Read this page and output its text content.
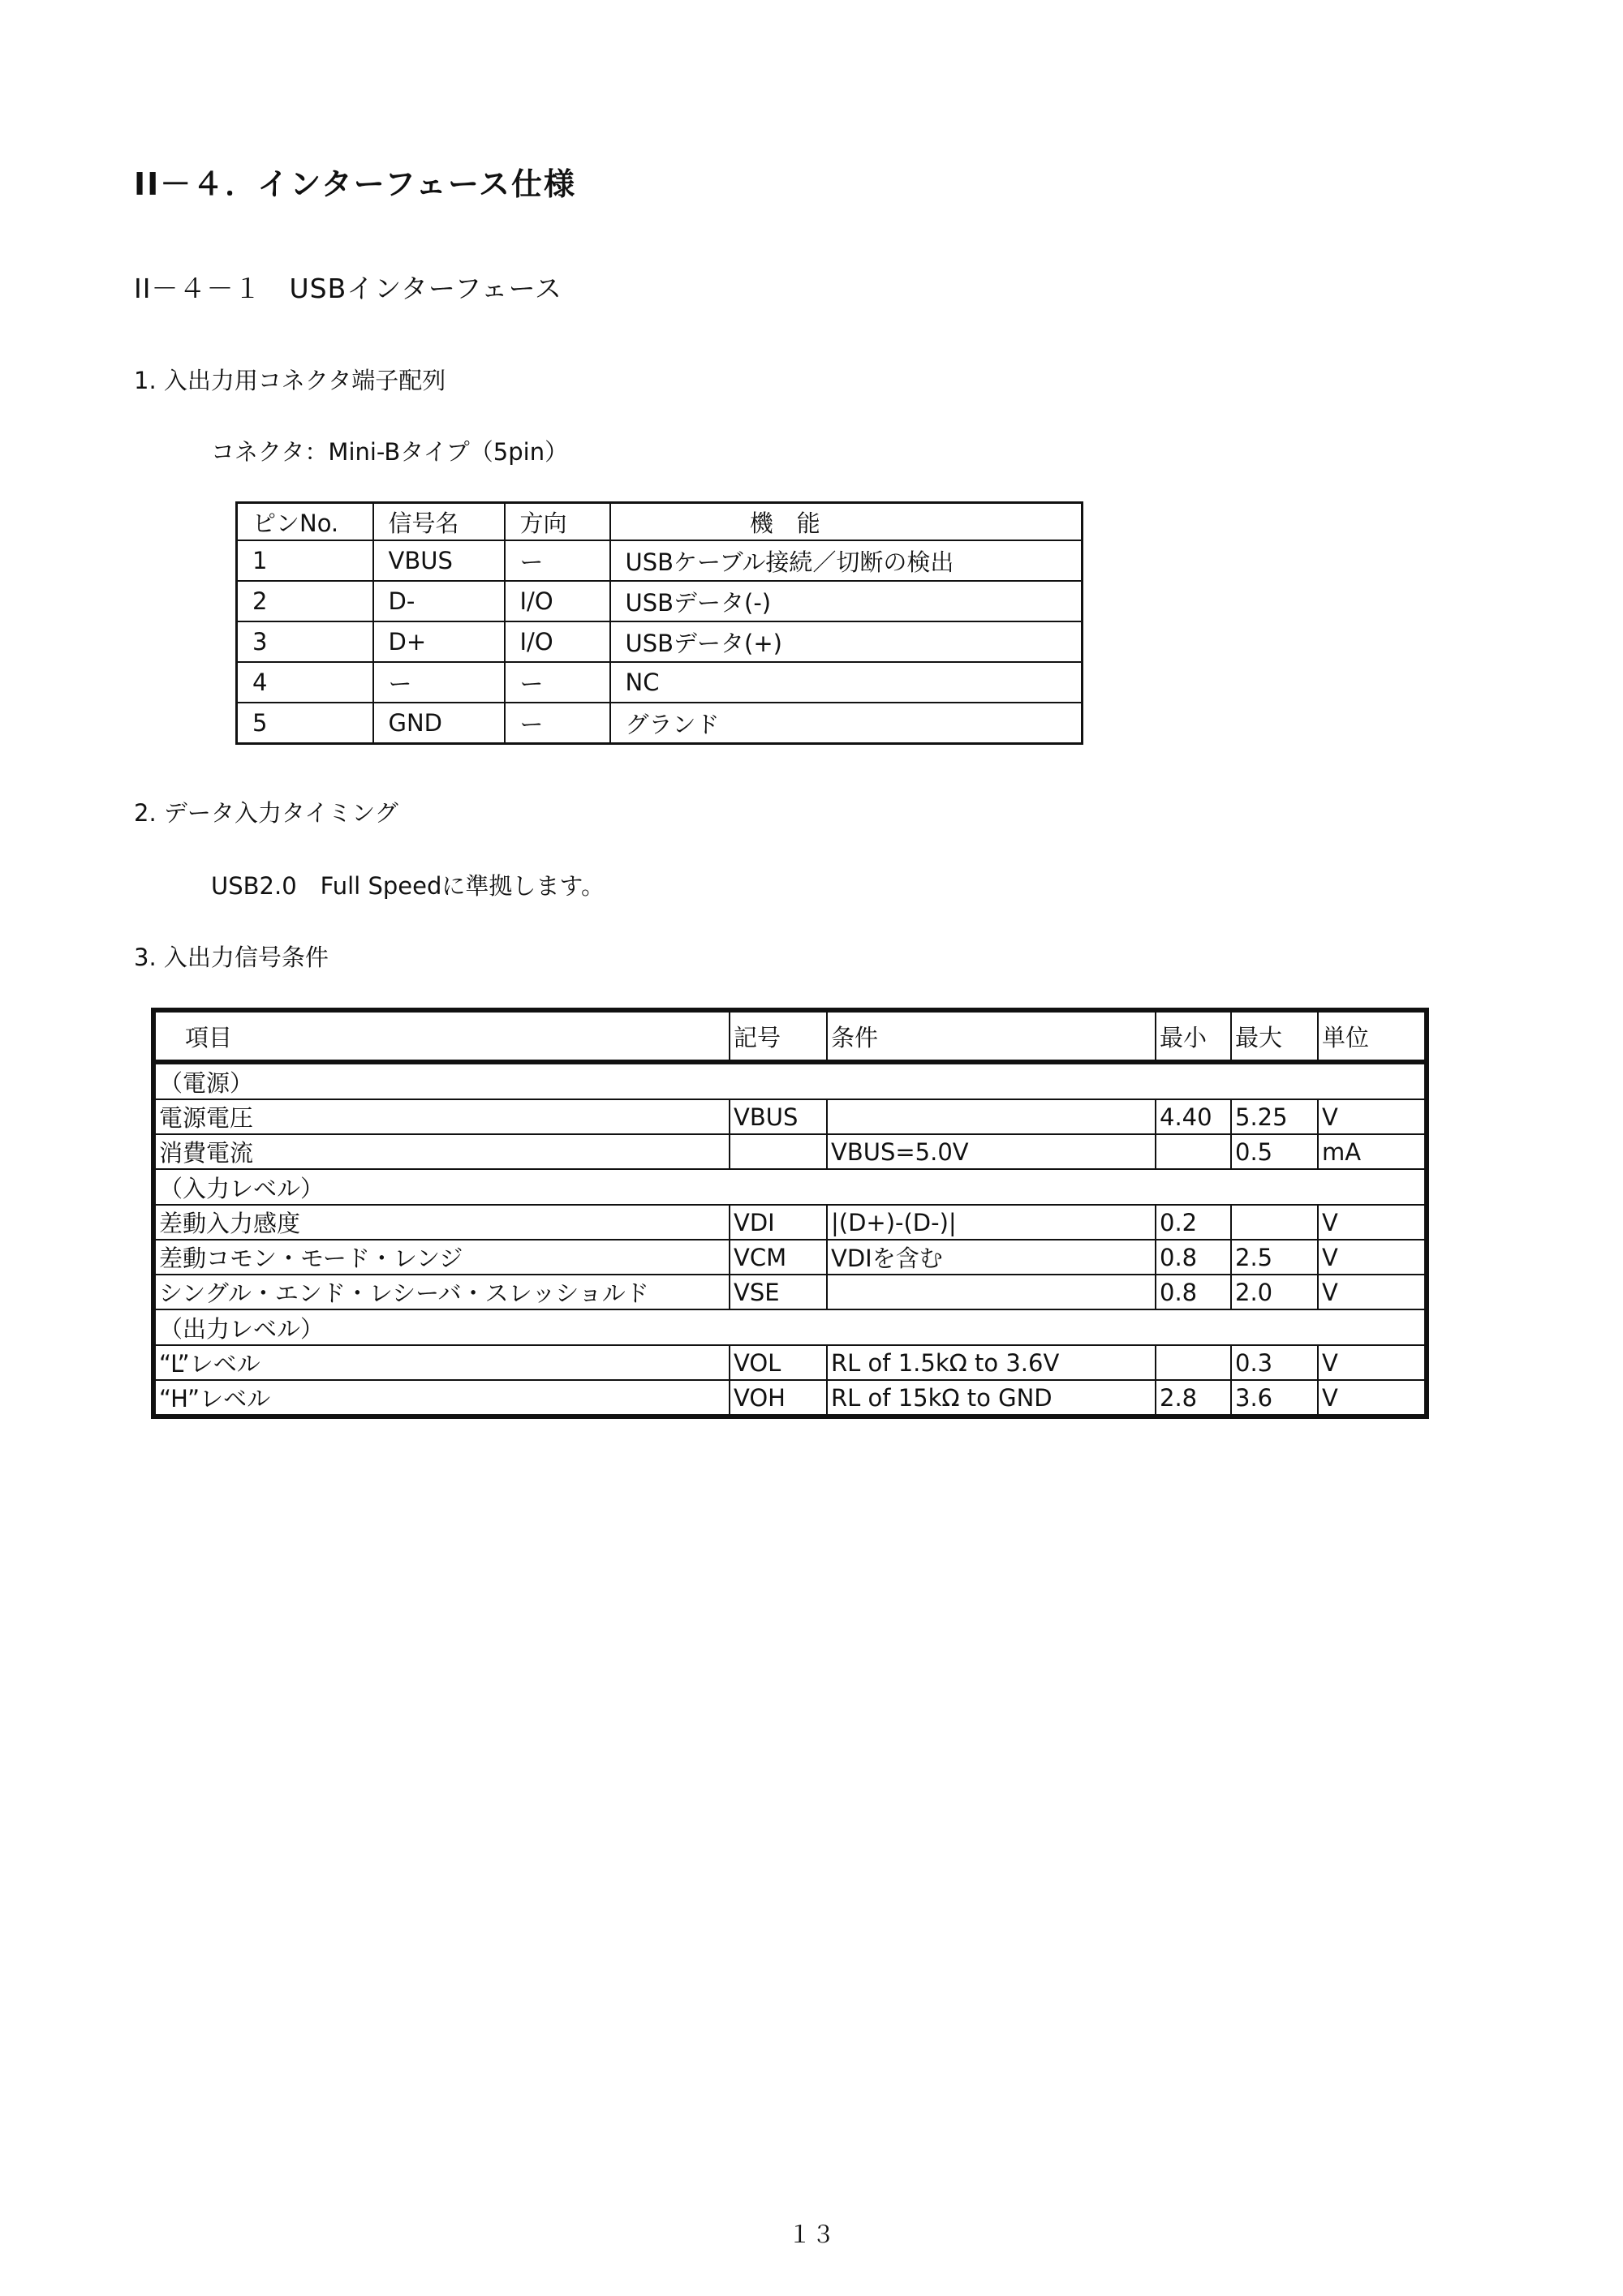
II－４．インターフェース仕様
II－４－１　USBインターフェース
1. 入出力用コネクタ端子配列
コネクタ：Mini-Bタイプ（5pin）
ピンNo.	信号名	方向	機　能
1	VBUS	ー	USBケーブル接続／切断の検出
2	D-	I/O	USBデータ(-)
3	D+	I/O	USBデータ(+)
4	ー	ー	NC
5	GND	ー	グランド
2. データ入力タイミング
USB2.0　Full Speedに準拠します。
3. 入出力信号条件
項目	記号	条件	最小	最大	単位
（電源）					
電源電圧	VBUS		4.40	5.25	V
消費電流		VBUS=5.0V		0.5	mA
（入力レベル）					
差動入力感度	VDI	|(D+)-(D-)|	0.2		V
差動コモン・モード・レンジ	VCM	VDIを含む	0.8	2.5	V
シングル・エンド・レシーバ・スレッショルド	VSE		0.8	2.0	V
（出力レベル）					
“L”レベル	VOL	RL of 1.5kΩ to 3.6V		0.3	V
“H”レベル	VOH	RL of 15kΩ to GND	2.8	3.6	V
１３
